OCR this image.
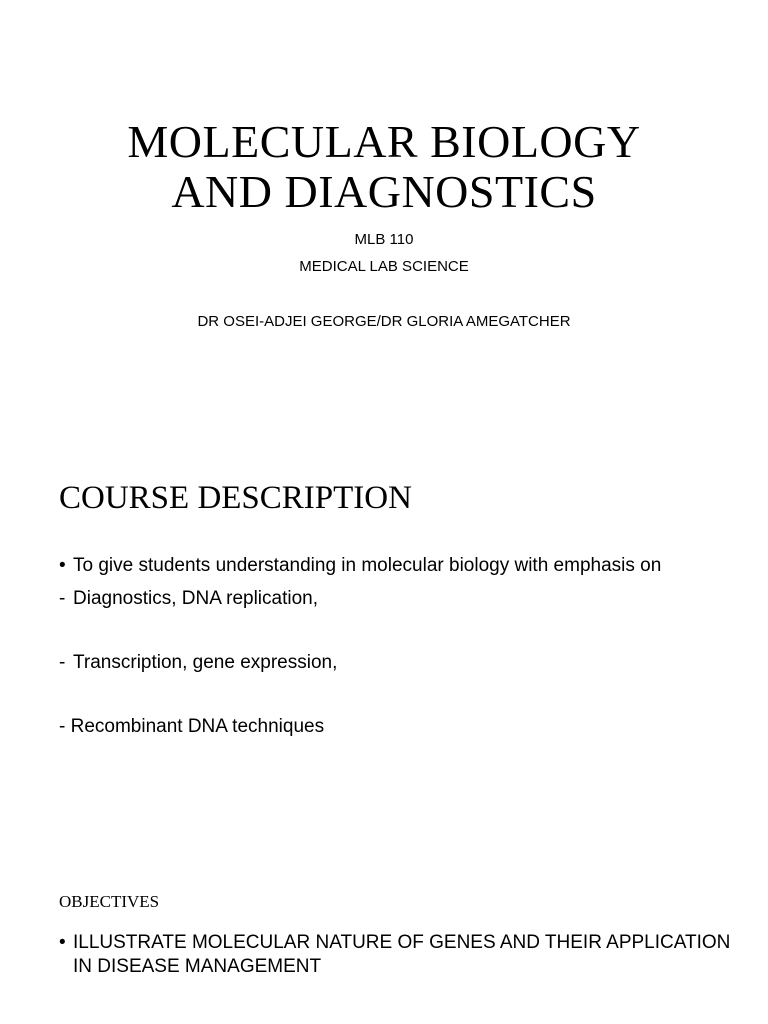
MOLECULAR BIOLOGY
AND DIAGNOSTICS
MLB 110
MEDICAL LAB SCIENCE
DR OSEI-ADJEI GEORGE/DR GLORIA AMEGATCHER
COURSE DESCRIPTION
• To give students understanding in molecular biology with emphasis on
- Diagnostics, DNA replication,
- Transcription, gene expression,
- Recombinant DNA techniques
OBJECTIVES
• ILLUSTRATE MOLECULAR NATURE OF GENES AND THEIR APPLICATION
IN DISEASE MANAGEMENT
